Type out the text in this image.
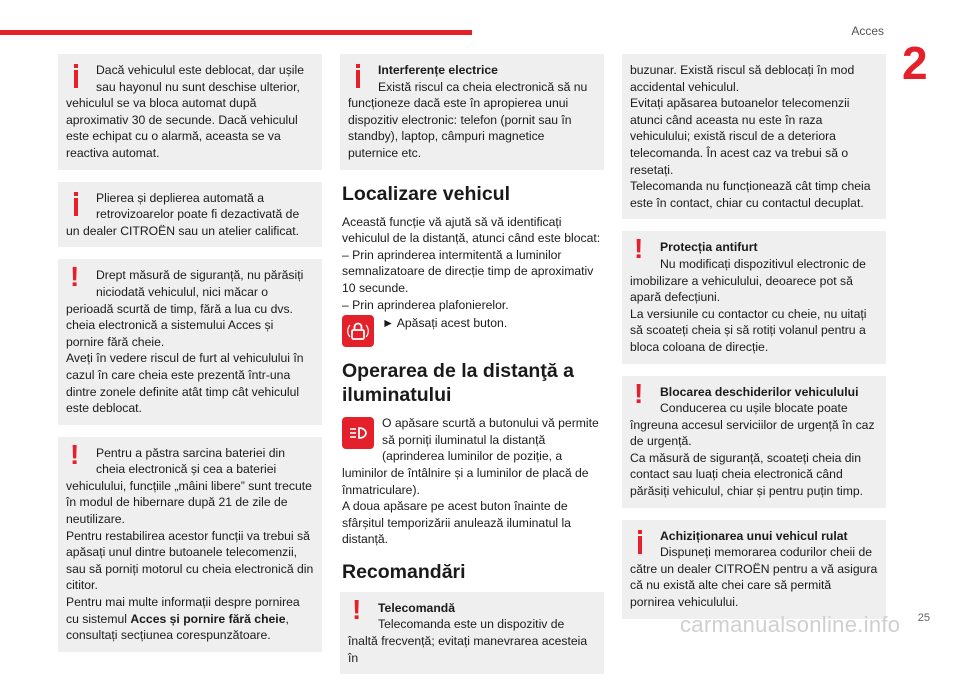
Acces
2

Dacă vehiculul este deblocat, dar ușile sau hayonul nu sunt deschise ulterior, vehiculul se va bloca automat după aproximativ 30 de secunde. Dacă vehiculul este echipat cu o alarmă, aceasta se va reactiva automat.

Plierea și deplierea automată a retrovizoarelor poate fi dezactivată de un dealer CITROËN sau un atelier calificat.

!	Drept măsură de siguranță, nu părăsiți niciodată vehiculul, nici măcar o perioadă scurtă de timp, fără a lua cu dvs. cheia electronică a sistemului Acces și pornire fără cheie.

Aveți în vedere riscul de furt al vehiculului în cazul în care cheia este prezentă într-una dintre zonele definite atât timp cât vehiculul este deblocat.

!	Pentru a păstra sarcina bateriei din cheia electronică și cea a bateriei vehiculului, funcțiile „mâini libere” sunt trecute în modul de hibernare după 21 de zile de neutilizare.

Pentru restabilirea acestor funcții va trebui să apăsați unul dintre butoanele telecomenzii, sau să porniți motorul cu cheia electronică din cititor.

Pentru mai multe informații despre pornirea cu sistemul Acces și pornire fără cheie, consultați secțiunea corespunzătoare.

Interferențe electrice

Există riscul ca cheia electronică să nu funcționeze dacă este în apropierea unui dispozitiv electronic: telefon (pornit sau în standby), laptop, câmpuri magnetice puternice etc.

Localizare vehicul

Această funcție vă ajută să vă identificați vehiculul de la distanță, atunci când este blocat:

– Prin aprinderea intermitentă a luminilor semnalizatoare de direcție timp de aproximativ 10 secunde.

– Prin aprinderea plafonierelor.

► Apăsați acest buton.
Operarea de la distanţă a iluminatului

O apăsare scurtă a butonului vă permite să porniți iluminatul la distanță (aprinderea luminilor de poziție, a luminilor de întâlnire și a luminilor de placă de înmatriculare).

A doua apăsare pe acest buton înainte de sfârșitul temporizării anulează iluminatul la distanță.

Recomandări
!	Telecomandă

Telecomanda este un dispozitiv de înaltă frecvență; evitați manevrarea acesteia în

buzunar. Există riscul să deblocați în mod accidental vehiculul.

Evitați apăsarea butoanelor telecomenzii atunci când aceasta nu este în raza vehiculului; există riscul de a deteriora telecomanda. În acest caz va trebui să o resetați.

Telecomanda nu funcționează cât timp cheia este în contact, chiar cu contactul decuplat.

!	Protecția antifurt

Nu modificați dispozitivul electronic de imobilizare a vehiculului, deoarece pot să apară defecțiuni.

La versiunile cu contactor cu cheie, nu uitați să scoateți cheia și să rotiți volanul pentru a bloca coloana de direcție.

!	Blocarea deschiderilor vehiculului

Conducerea cu ușile blocate poate îngreuna accesul serviciilor de urgență în caz de urgență.

Ca măsură de siguranță, scoateți cheia din contact sau luați cheia electronică când părăsiți vehiculul, chiar și pentru puțin timp.

Achiziționarea unui vehicul rulat

Dispuneți memorarea codurilor cheii de către un dealer CITROËN pentru a vă asigura că nu există alte chei care să permită pornirea vehiculului.

carmanualsonline.info 25
